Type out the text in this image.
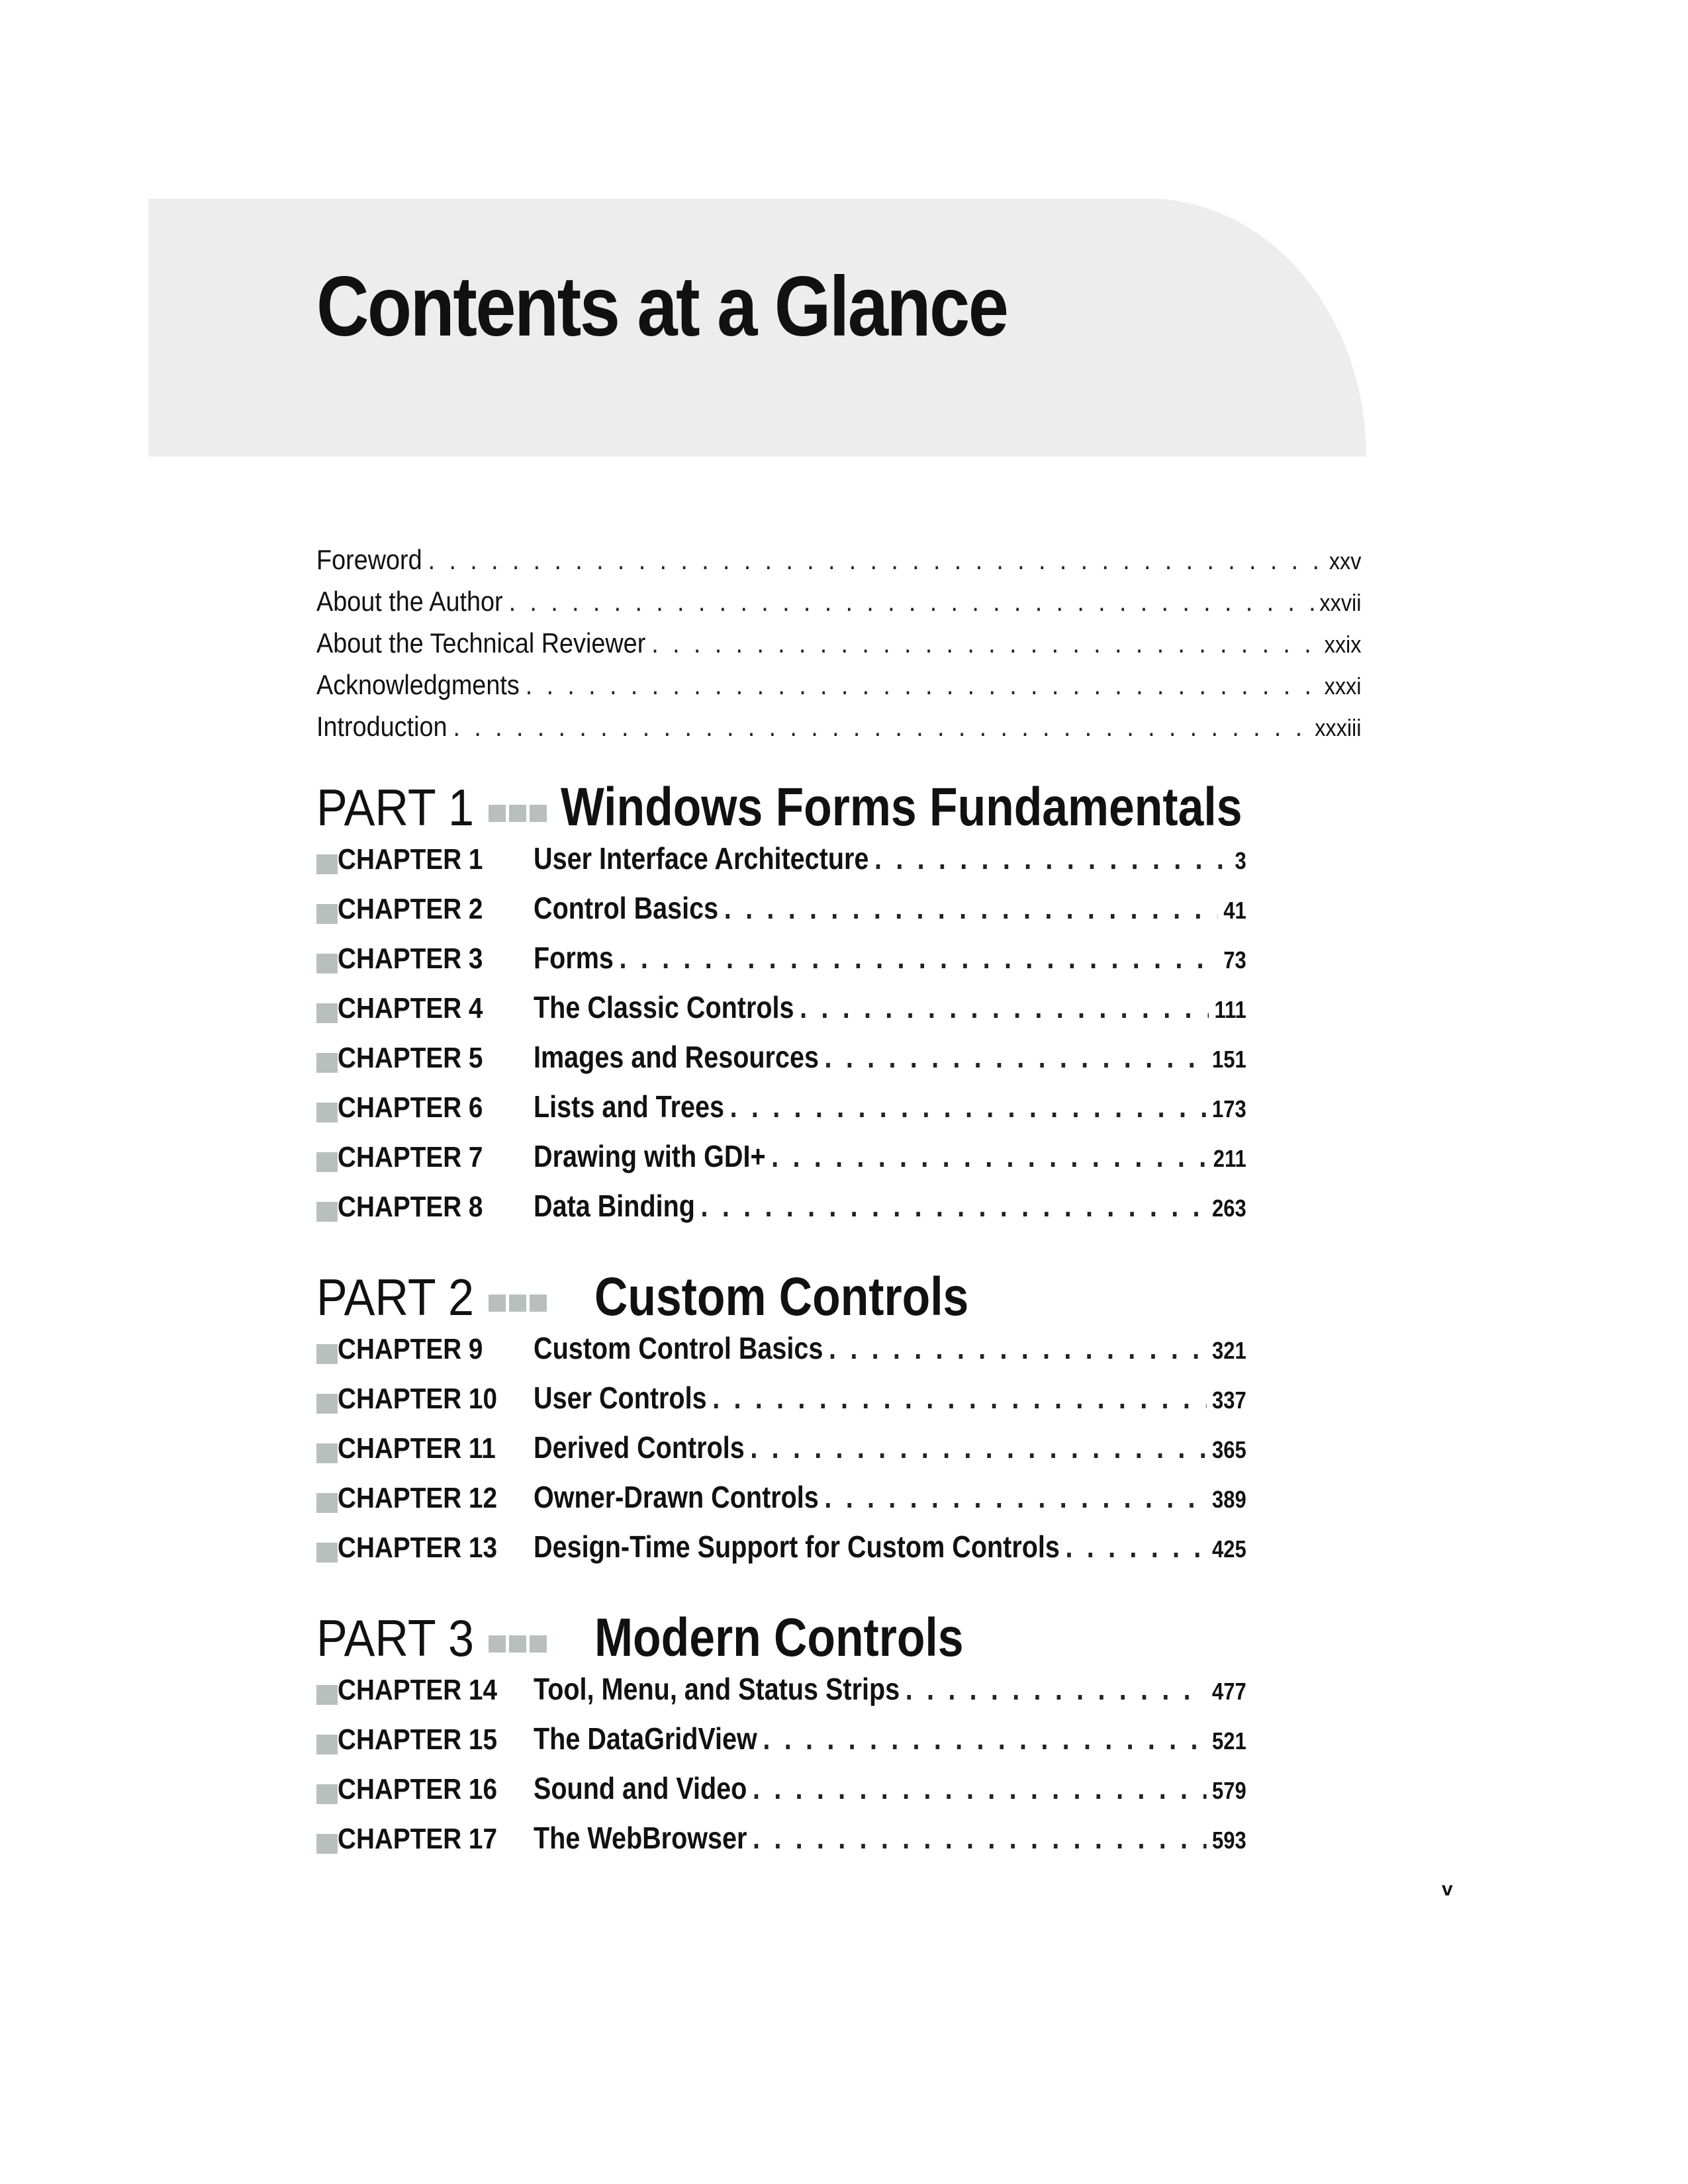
Contents at a Glance
Foreword . . .	xxv
About the Author . . .	xxvii
About the Technical Reviewer . . .	xxix
Acknowledgments . . .	xxxi
Introduction . . .	xxxiii
PART 1 Windows Forms Fundamentals
CHAPTER 1	User Interface Architecture . . .	3
CHAPTER 2	Control Basics . . .	41
CHAPTER 3	Forms . . .	73
CHAPTER 4	The Classic Controls . . .	111
CHAPTER 5	Images and Resources . . .	151
CHAPTER 6	Lists and Trees . . .	173
CHAPTER 7	Drawing with GDI+ . . .	211
CHAPTER 8	Data Binding . . .	263
PART 2 Custom Controls
CHAPTER 9	Custom Control Basics . . .	321
CHAPTER 10	User Controls . . .	337
CHAPTER 11	Derived Controls . . .	365
CHAPTER 12	Owner-Drawn Controls . . .	389
CHAPTER 13	Design-Time Support for Custom Controls . . .	425
PART 3 Modern Controls
CHAPTER 14	Tool, Menu, and Status Strips . . .	477
CHAPTER 15	The DataGridView . . .	521
CHAPTER 16	Sound and Video . . .	579
CHAPTER 17	The WebBrowser . . .	593
v
